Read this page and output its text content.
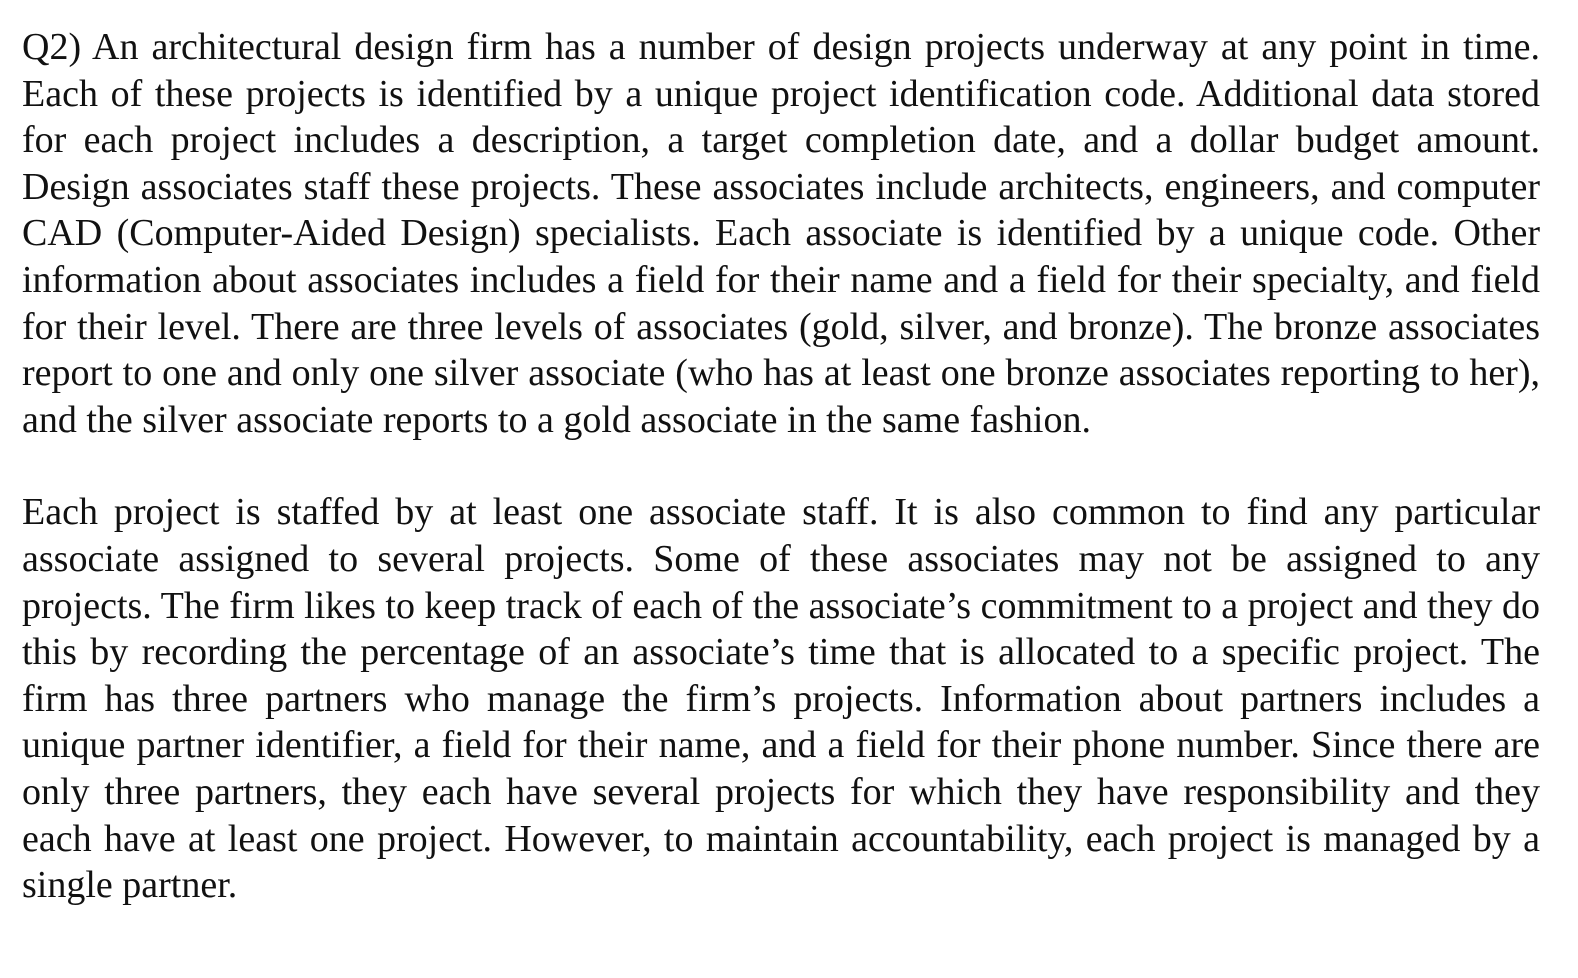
Q2) An architectural design firm has a number of design projects underway at any point in time. Each of these projects is identified by a unique project identification code. Additional data stored for each project includes a description, a target completion date, and a dollar budget amount. Design associates staff these projects. These associates include architects, engineers, and computer CAD (Computer-Aided Design) specialists. Each associate is identified by a unique code. Other information about associates includes a field for their name and a field for their specialty, and field for their level. There are three levels of associates (gold, silver, and bronze). The bronze associates report to one and only one silver associate (who has at least one bronze associates reporting to her), and the silver associate reports to a gold associate in the same fashion.

Each project is staffed by at least one associate staff. It is also common to find any particular associate assigned to several projects. Some of these associates may not be assigned to any projects. The firm likes to keep track of each of the associate’s commitment to a project and they do this by recording the percentage of an associate’s time that is allocated to a specific project. The firm has three partners who manage the firm’s projects. Information about partners includes a unique partner identifier, a field for their name, and a field for their phone number. Since there are only three partners, they each have several projects for which they have responsibility and they each have at least one project. However, to maintain accountability, each project is managed by a single partner.
